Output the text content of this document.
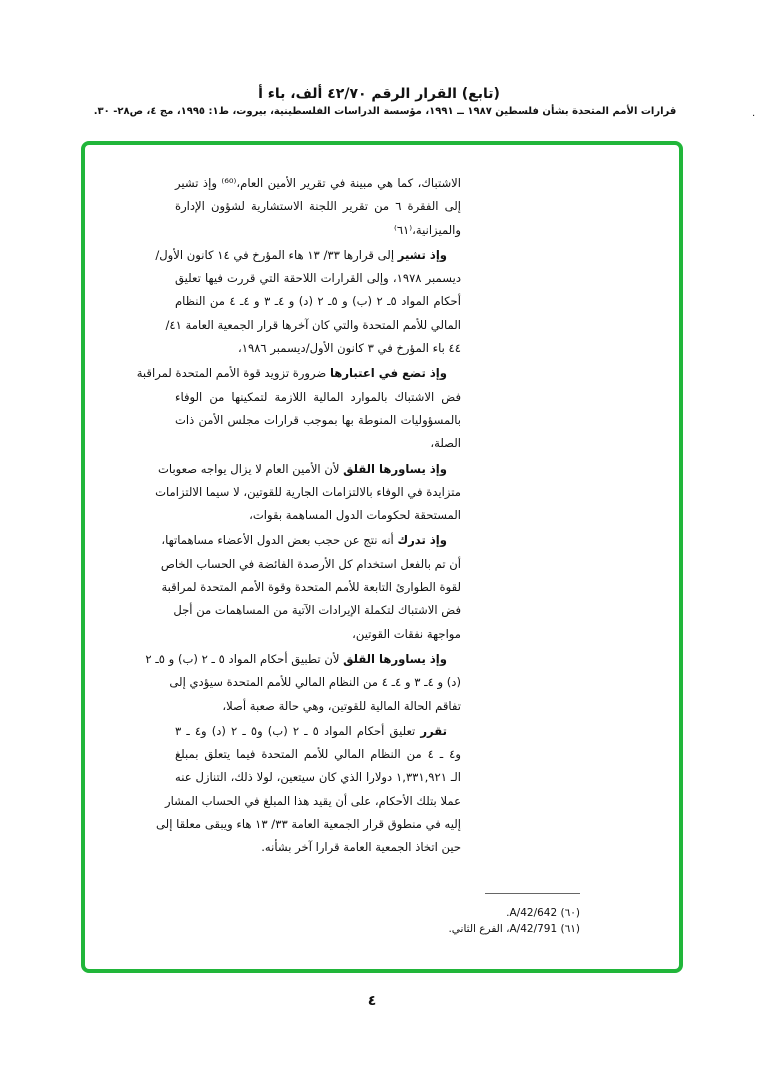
(تابع) القرار الرقم ٤٢/٧٠ ألف، باء أ
قرارات الأمم المتحدة بشأن فلسطين ١٩٨٧ ــ ١٩٩١، مؤسسة الدراسات الفلسطينية، بيروت، ط١: ١٩٩٥، مج ٤، ص٢٨- ٣٠.	.
الاشتباك، كما هي مبينة في تقرير الأمين العام،⁽⁶⁰⁾ وإذ تشير
إلى الفقرة ٦ من تقرير اللجنة الاستشارية لشؤون الإدارة
والميزانية،⁽٦١⁾
وإذ تشير إلى قرارها ٣٣/ ١٣ هاء المؤرخ في ١٤ كانون الأول/
ديسمبر ١٩٧٨، وإلى القرارات اللاحقة التي قررت فيها تعليق
أحكام المواد ٥ـ ٢ (ب) و ٥ـ ٢ (د) و ٤ـ ٣ و ٤ـ ٤ من النظام
المالي للأمم المتحدة والتي كان آخرها قرار الجمعية العامة ٤١/
٤٤ باء المؤرخ في ٣ كانون الأول/ديسمبر ١٩٨٦،
وإذ تضع في اعتبارها ضرورة تزويد قوة الأمم المتحدة لمراقبة
فض الاشتباك بالموارد المالية اللازمة لتمكينها من الوفاء
بالمسؤوليات المنوطة بها بموجب قرارات مجلس الأمن ذات
الصلة،
وإذ يساورها القلق لأن الأمين العام لا يزال يواجه صعوبات
متزايدة في الوفاء بالالتزامات الجارية للقوتين، لا سيما الالتزامات
المستحقة لحكومات الدول المساهمة بقوات،
وإذ تدرك أنه نتج عن حجب بعض الدول الأعضاء مساهماتها،
أن تم بالفعل استخدام كل الأرصدة الفائضة في الحساب الخاص
لقوة الطوارئ التابعة للأمم المتحدة وقوة الأمم المتحدة لمراقبة
فض الاشتباك لتكملة الإيرادات الآتية من المساهمات من أجل
مواجهة نفقات القوتين،
وإذ يساورها القلق لأن تطبيق أحكام المواد ٥ ـ ٢ (ب) و ٥ـ ٢
(د) و ٤ـ ٣ و ٤ـ ٤ من النظام المالي للأمم المتحدة سيؤدي إلى
تفاقم الحالة المالية للقوتين، وهي حالة صعبة أصلا،
تقرر تعليق أحكام المواد ٥ ـ ٢ (ب) و٥ ـ ٢ (د) و٤ ـ ٣
و٤ ـ ٤ من النظام المالي للأمم المتحدة فيما يتعلق بمبلغ
الـ ١,٣٣١,٩٢١ دولارا الذي كان سيتعين، لولا ذلك، التنازل عنه
عملا بتلك الأحكام، على أن يقيد هذا المبلغ في الحساب المشار
إليه في منطوق قرار الجمعية العامة ٣٣/ ١٣ هاء ويبقى معلقا إلى
حين اتخاذ الجمعية العامة قرارا آخر بشأنه.
(٦٠) A/42/642.
(٦١) A/42/791، الفرع الثاني.
٤
